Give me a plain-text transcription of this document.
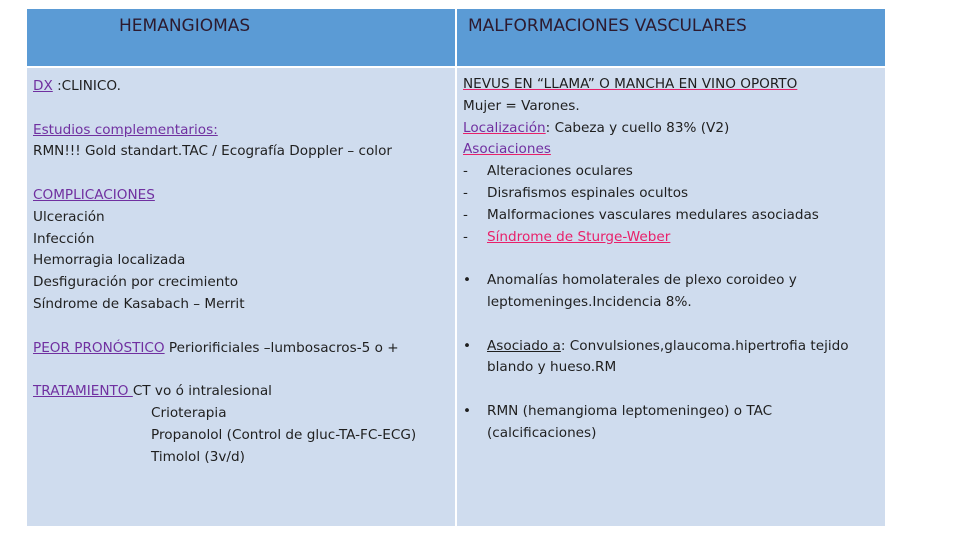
HEMANGIOMAS	MALFORMACIONES VASCULARES
DX :CLINICO.
Estudios complementarios:
RMN!!! Gold standart.TAC / Ecografía Doppler – color
COMPLICACIONES
Ulceración
Infección
Hemorragia localizada
Desfiguración por crecimiento
Síndrome de Kasabach – Merrit
PEOR PRONÓSTICO Periorificiales –lumbosacros-5 o +
TRATAMIENTO CT vo ó intralesional
Crioterapia
Propanolol (Control de gluc-TA-FC-ECG)
Timolol (3v/d)
NEVUS EN “LLAMA” O MANCHA EN VINO OPORTO
Mujer = Varones.
Localización: Cabeza y cuello 83% (V2)
Asociaciones
- Alteraciones oculares
- Disrafismos espinales ocultos
- Malformaciones vasculares medulares asociadas
- Síndrome de Sturge-Weber
• Anomalías homolaterales de plexo coroideo y leptomeninges.Incidencia 8%.
• Asociado a: Convulsiones,glaucoma.hipertrofia tejido blando y hueso.RM
• RMN (hemangioma leptomeningeo) o TAC (calcificaciones)
